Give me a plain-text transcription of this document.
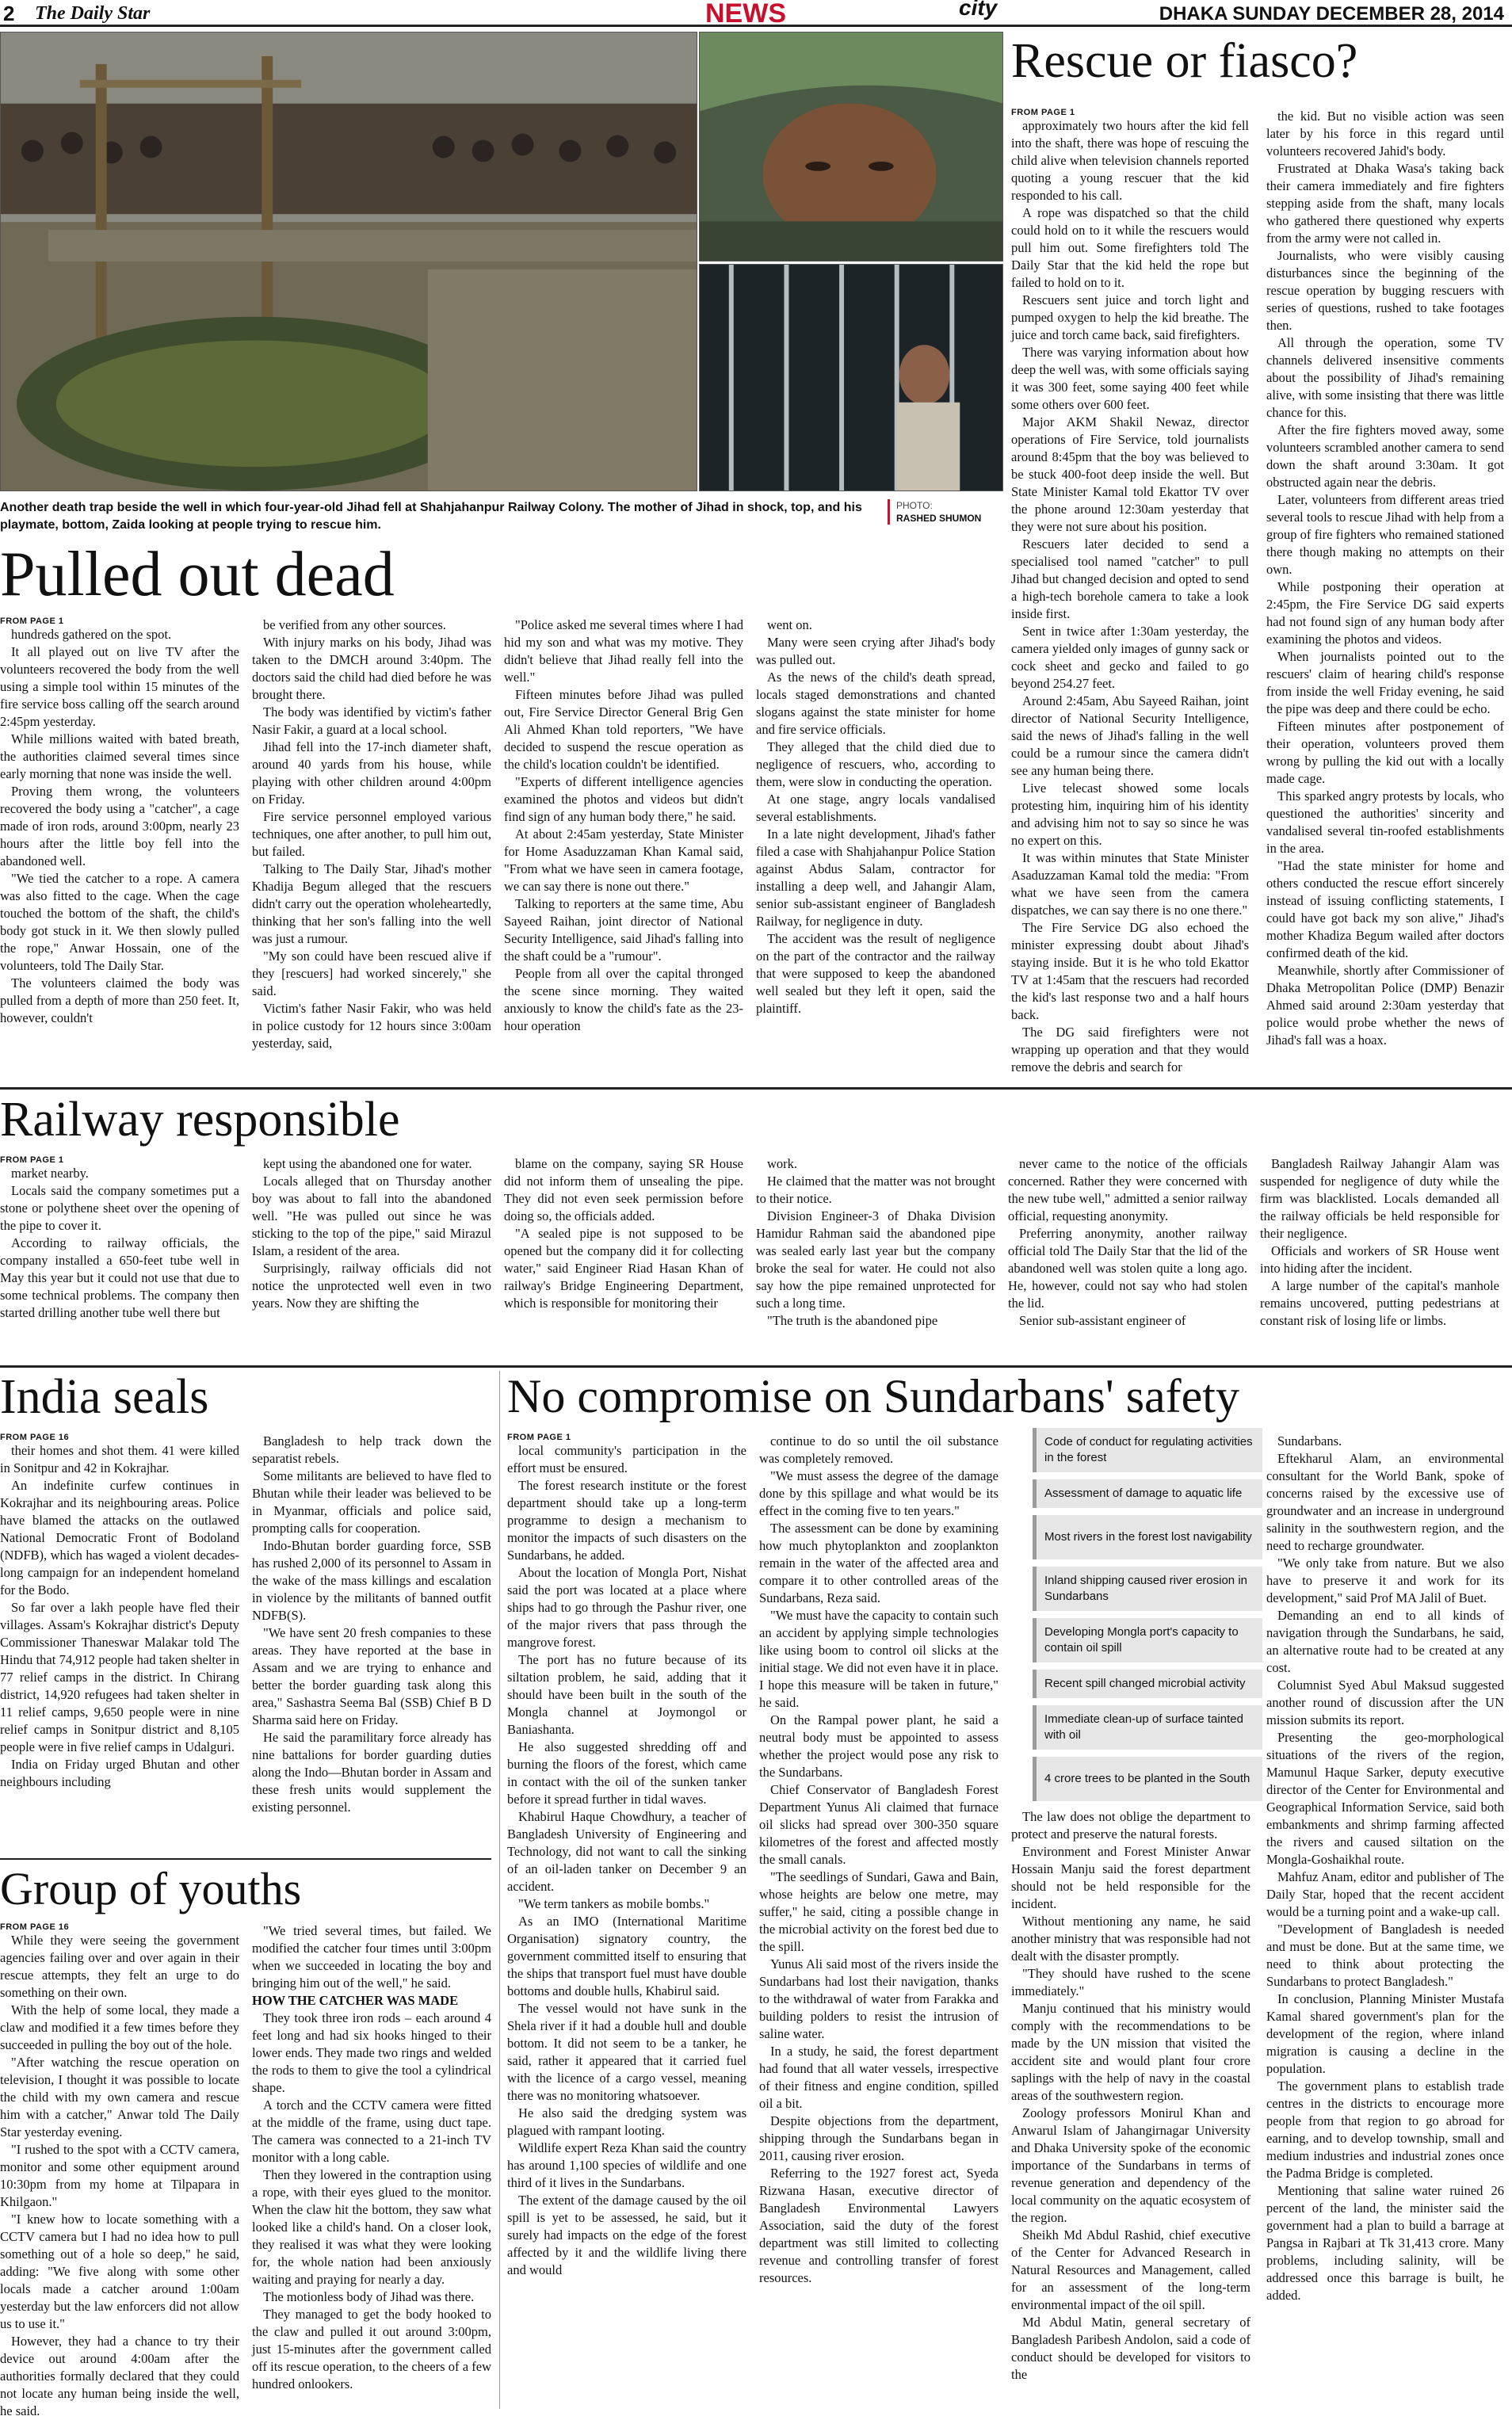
2 The Daily Star	NEWS	city	DHAKA SUNDAY DECEMBER 28, 2014
Another death trap beside the well in which four-year-old Jihad fell at Shahjahanpur Railway Colony. The mother of Jihad in shock, top, and his playmate, bottom, Zaida looking at people trying to rescue him.
PHOTO:
RASHED SHUMON
Rescue or fiasco?
FROM PAGE 1

approximately two hours after the kid fell into the shaft, there was hope of rescuing the child alive when television channels reported quoting a young rescuer that the kid responded to his call.

A rope was dispatched so that the child could hold on to it while the rescuers would pull him out. Some firefighters told The Daily Star that the kid held the rope but failed to hold on to it.

Rescuers sent juice and torch light and pumped oxygen to help the kid breathe. The juice and torch came back, said firefighters.

There was varying information about how deep the well was, with some officials saying it was 300 feet, some saying 400 feet while some others over 600 feet.

Major AKM Shakil Newaz, director operations of Fire Service, told journalists around 8:45pm that the boy was believed to be stuck 400-foot deep inside the well. But State Minister Kamal told Ekattor TV over the phone around 12:30am yesterday that they were not sure about his position.

Rescuers later decided to send a specialised tool named "catcher" to pull Jihad but changed decision and opted to send a high-tech borehole camera to take a look inside first.

Sent in twice after 1:30am yesterday, the camera yielded only images of gunny sack or cock sheet and gecko and failed to go beyond 254.27 feet.

Around 2:45am, Abu Sayeed Raihan, joint director of National Security Intelligence, said the news of Jihad's falling in the well could be a rumour since the camera didn't see any human being there.

Live telecast showed some locals protesting him, inquiring him of his identity and advising him not to say so since he was no expert on this.

It was within minutes that State Minister Asaduzzaman Kamal told the media: "From what we have seen from the camera dispatches, we can say there is no one there."

The Fire Service DG also echoed the minister expressing doubt about Jihad's staying inside. But it is he who told Ekattor TV at 1:45am that the rescuers had recorded the kid's last response two and a half hours back.

The DG said firefighters were not wrapping up operation and that they would remove the debris and search for

the kid. But no visible action was seen later by his force in this regard until volunteers recovered Jahid's body.

Frustrated at Dhaka Wasa's taking back their camera immediately and fire fighters stepping aside from the shaft, many locals who gathered there questioned why experts from the army were not called in.

Journalists, who were visibly causing disturbances since the beginning of the rescue operation by bugging rescuers with series of questions, rushed to take footages then.

All through the operation, some TV channels delivered insensitive comments about the possibility of Jihad's remaining alive, with some insisting that there was little chance for this.

After the fire fighters moved away, some volunteers scrambled another camera to send down the shaft around 3:30am. It got obstructed again near the debris.

Later, volunteers from different areas tried several tools to rescue Jihad with help from a group of fire fighters who remained stationed there though making no attempts on their own.

While postponing their operation at 2:45pm, the Fire Service DG said experts had not found sign of any human body after examining the photos and videos.

When journalists pointed out to the rescuers' claim of hearing child's response from inside the well Friday evening, he said the pipe was deep and there could be echo.

Fifteen minutes after postponement of their operation, volunteers proved them wrong by pulling the kid out with a locally made cage.

This sparked angry protests by locals, who questioned the authorities' sincerity and vandalised several tin-roofed establishments in the area.

"Had the state minister for home and others conducted the rescue effort sincerely instead of issuing conflicting statements, I could have got back my son alive," Jihad's mother Khadiza Begum wailed after doctors confirmed death of the kid.

Meanwhile, shortly after Commissioner of Dhaka Metropolitan Police (DMP) Benazir Ahmed said around 2:30am yesterday that police would probe whether the news of Jihad's fall was a hoax.

Pulled out dead
FROM PAGE 1

hundreds gathered on the spot.

It all played out on live TV after the volunteers recovered the body from the well using a simple tool within 15 minutes of the fire service boss calling off the search around 2:45pm yesterday.

While millions waited with bated breath, the authorities claimed several times since early morning that none was inside the well.

Proving them wrong, the volunteers recovered the body using a "catcher", a cage made of iron rods, around 3:00pm, nearly 23 hours after the little boy fell into the abandoned well.

"We tied the catcher to a rope. A camera was also fitted to the cage. When the cage touched the bottom of the shaft, the child's body got stuck in it. We then slowly pulled the rope," Anwar Hossain, one of the volunteers, told The Daily Star.

The volunteers claimed the body was pulled from a depth of more than 250 feet. It, however, couldn't

be verified from any other sources.

With injury marks on his body, Jihad was taken to the DMCH around 3:40pm. The doctors said the child had died before he was brought there.

The body was identified by victim's father Nasir Fakir, a guard at a local school.

Jihad fell into the 17-inch diameter shaft, around 40 yards from his house, while playing with other children around 4:00pm on Friday.

Fire service personnel employed various techniques, one after another, to pull him out, but failed.

Talking to The Daily Star, Jihad's mother Khadija Begum alleged that the rescuers didn't carry out the operation wholeheartedly, thinking that her son's falling into the well was just a rumour.

"My son could have been rescued alive if they [rescuers] had worked sincerely," she said.

Victim's father Nasir Fakir, who was held in police custody for 12 hours since 3:00am yesterday, said,

"Police asked me several times where I had hid my son and what was my motive. They didn't believe that Jihad really fell into the well."

Fifteen minutes before Jihad was pulled out, Fire Service Director General Brig Gen Ali Ahmed Khan told reporters, "We have decided to suspend the rescue operation as the child's location couldn't be identified.

"Experts of different intelligence agencies examined the photos and videos but didn't find sign of any human body there," he said.

At about 2:45am yesterday, State Minister for Home Asaduzzaman Khan Kamal said, "From what we have seen in camera footage, we can say there is none out there."

Talking to reporters at the same time, Abu Sayeed Raihan, joint director of National Security Intelligence, said Jihad's falling into the shaft could be a "rumour".

People from all over the capital thronged the scene since morning. They waited anxiously to know the child's fate as the 23-hour operation

went on.

Many were seen crying after Jihad's body was pulled out.

As the news of the child's death spread, locals staged demonstrations and chanted slogans against the state minister for home and fire service officials.

They alleged that the child died due to negligence of rescuers, who, according to them, were slow in conducting the operation.

At one stage, angry locals vandalised several establishments.

In a late night development, Jihad's father filed a case with Shahjahanpur Police Station against Abdus Salam, contractor for installing a deep well, and Jahangir Alam, senior sub-assistant engineer of Bangladesh Railway, for negligence in duty.

The accident was the result of negligence on the part of the contractor and the railway that were supposed to keep the abandoned well sealed but they left it open, said the plaintiff.

Railway responsible
FROM PAGE 1

market nearby.

Locals said the company sometimes put a stone or polythene sheet over the opening of the pipe to cover it.

According to railway officials, the company installed a 650-feet tube well in May this year but it could not use that due to some technical problems. The company then started drilling another tube well there but

kept using the abandoned one for water.

Locals alleged that on Thursday another boy was about to fall into the abandoned well. "He was pulled out since he was sticking to the top of the pipe," said Mirazul Islam, a resident of the area.

Surprisingly, railway officials did not notice the unprotected well even in two years. Now they are shifting the

blame on the company, saying SR House did not inform them of unsealing the pipe. They did not even seek permission before doing so, the officials added.

"A sealed pipe is not supposed to be opened but the company did it for collecting water," said Engineer Riad Hasan Khan of railway's Bridge Engineering Department, which is responsible for monitoring their

work.

He claimed that the matter was not brought to their notice.

Division Engineer-3 of Dhaka Division Hamidur Rahman said the abandoned pipe was sealed early last year but the company broke the seal for water. He could not also say how the pipe remained unprotected for such a long time.

"The truth is the abandoned pipe

never came to the notice of the officials concerned. Rather they were concerned with the new tube well," admitted a senior railway official, requesting anonymity.

Preferring anonymity, another railway official told The Daily Star that the lid of the abandoned well was stolen quite a long ago. He, however, could not say who had stolen the lid.

Senior sub-assistant engineer of

Bangladesh Railway Jahangir Alam was suspended for negligence of duty while the firm was blacklisted. Locals demanded all the railway officials be held responsible for their negligence.

Officials and workers of SR House went into hiding after the incident.

A large number of the capital's manhole remains uncovered, putting pedestrians at constant risk of losing life or limbs.

India seals
FROM PAGE 16

their homes and shot them. 41 were killed in Sonitpur and 42 in Kokrajhar.

An indefinite curfew continues in Kokrajhar and its neighbouring areas. Police have blamed the attacks on the outlawed National Democratic Front of Bodoland (NDFB), which has waged a violent decades-long campaign for an independent homeland for the Bodo.

So far over a lakh people have fled their villages. Assam's Kokrajhar district's Deputy Commissioner Thaneswar Malakar told The Hindu that 74,912 people had taken shelter in 77 relief camps in the district. In Chirang district, 14,920 refugees had taken shelter in 11 relief camps, 9,650 people were in nine relief camps in Sonitpur district and 8,105 people were in five relief camps in Udalguri.

India on Friday urged Bhutan and other neighbours including

Bangladesh to help track down the separatist rebels.

Some militants are believed to have fled to Bhutan while their leader was believed to be in Myanmar, officials and police said, prompting calls for cooperation.

Indo-Bhutan border guarding force, SSB has rushed 2,000 of its personnel to Assam in the wake of the mass killings and escalation in violence by the militants of banned outfit NDFB(S).

"We have sent 20 fresh companies to these areas. They have reported at the base in Assam and we are trying to enhance and better the border guarding task along this area," Sashastra Seema Bal (SSB) Chief B D Sharma said here on Friday.

He said the paramilitary force already has nine battalions for border guarding duties along the Indo—Bhutan border in Assam and these fresh units would supplement the existing personnel.

Group of youths
FROM PAGE 16

While they were seeing the government agencies failing over and over again in their rescue attempts, they felt an urge to do something on their own.

With the help of some local, they made a claw and modified it a few times before they succeeded in pulling the boy out of the hole.

"After watching the rescue operation on television, I thought it was possible to locate the child with my own camera and rescue him with a catcher," Anwar told The Daily Star yesterday evening.

"I rushed to the spot with a CCTV camera, monitor and some other equipment around 10:30pm from my home at Tilpapara in Khilgaon."

"I knew how to locate something with a CCTV camera but I had no idea how to pull something out of a hole so deep," he said, adding: "We five along with some other locals made a catcher around 1:00am yesterday but the law enforcers did not allow us to use it."

However, they had a chance to try their device out around 4:00am after the authorities formally declared that they could not locate any human being inside the well, he said.

"We tried several times, but failed. We modified the catcher four times until 3:00pm when we succeeded in locating the boy and bringing him out of the well," he said.

HOW THE CATCHER WAS MADE

They took three iron rods – each around 4 feet long and had six hooks hinged to their lower ends. They made two rings and welded the rods to them to give the tool a cylindrical shape.

A torch and the CCTV camera were fitted at the middle of the frame, using duct tape. The camera was connected to a 21-inch TV monitor with a long cable.

Then they lowered in the contraption using a rope, with their eyes glued to the monitor. When the claw hit the bottom, they saw what looked like a child's hand. On a closer look, they realised it was what they were looking for, the whole nation had been anxiously waiting and praying for nearly a day.

The motionless body of Jihad was there.

They managed to get the body hooked to the claw and pulled it out around 3:00pm, just 15-minutes after the government called off its rescue operation, to the cheers of a few hundred onlookers.

No compromise on Sundarbans' safety
FROM PAGE 1

local community's participation in the effort must be ensured.

The forest research institute or the forest department should take up a long-term programme to design a mechanism to monitor the impacts of such disasters on the Sundarbans, he added.

About the location of Mongla Port, Nishat said the port was located at a place where ships had to go through the Pashur river, one of the major rivers that pass through the mangrove forest.

The port has no future because of its siltation problem, he said, adding that it should have been built in the south of the Mongla channel at Joymongol or Baniashanta.

He also suggested shredding off and burning the floors of the forest, which came in contact with the oil of the sunken tanker before it spread further in tidal waves.

Khabirul Haque Chowdhury, a teacher of Bangladesh University of Engineering and Technology, did not want to call the sinking of an oil-laden tanker on December 9 an accident.

"We term tankers as mobile bombs."

As an IMO (International Maritime Organisation) signatory country, the government committed itself to ensuring that the ships that transport fuel must have double bottoms and double hulls, Khabirul said.

The vessel would not have sunk in the Shela river if it had a double hull and double bottom. It did not seem to be a tanker, he said, rather it appeared that it carried fuel with the licence of a cargo vessel, meaning there was no monitoring whatsoever.

He also said the dredging system was plagued with rampant looting.

Wildlife expert Reza Khan said the country has around 1,100 species of wildlife and one third of it lives in the Sundarbans.

The extent of the damage caused by the oil spill is yet to be assessed, he said, but it surely had impacts on the edge of the forest affected by it and the wildlife living there and would

continue to do so until the oil substance was completely removed.

"We must assess the degree of the damage done by this spillage and what would be its effect in the coming five to ten years."

The assessment can be done by examining how much phytoplankton and zooplankton remain in the water of the affected area and compare it to other controlled areas of the Sundarbans, Reza said.

"We must have the capacity to contain such an accident by applying simple technologies like using boom to control oil slicks at the initial stage. We did not even have it in place. I hope this measure will be taken in future," he said.

On the Rampal power plant, he said a neutral body must be appointed to assess whether the project would pose any risk to the Sundarbans.

Chief Conservator of Bangladesh Forest Department Yunus Ali claimed that furnace oil slicks had spread over 300-350 square kilometres of the forest and affected mostly the small canals.

"The seedlings of Sundari, Gawa and Bain, whose heights are below one metre, may suffer," he said, citing a possible change in the microbial activity on the forest bed due to the spill.

Yunus Ali said most of the rivers inside the Sundarbans had lost their navigation, thanks to the withdrawal of water from Farakka and building polders to resist the intrusion of saline water.

In a study, he said, the forest department had found that all water vessels, irrespective of their fitness and engine condition, spilled oil a bit.

Despite objections from the department, shipping through the Sundarbans began in 2011, causing river erosion.

Referring to the 1927 forest act, Syeda Rizwana Hasan, executive director of Bangladesh Environmental Lawyers Association, said the duty of the forest department was still limited to collecting revenue and controlling transfer of forest resources.

The law does not oblige the department to protect and preserve the natural forests.

Environment and Forest Minister Anwar Hossain Manju said the forest department should not be held responsible for the incident.

Without mentioning any name, he said another ministry that was responsible had not dealt with the disaster promptly.

"They should have rushed to the scene immediately."

Manju continued that his ministry would comply with the recommendations to be made by the UN mission that visited the accident site and would plant four crore saplings with the help of navy in the coastal areas of the southwestern region.

Zoology professors Monirul Khan and Anwarul Islam of Jahangirnagar University and Dhaka University spoke of the economic importance of the Sundarbans in terms of revenue generation and dependency of the local community on the aquatic ecosystem of the region.

Sheikh Md Abdul Rashid, chief executive of the Center for Advanced Research in Natural Resources and Management, called for an assessment of the long-term environmental impact of the oil spill.

Md Abdul Matin, general secretary of Bangladesh Paribesh Andolon, said a code of conduct should be developed for visitors to the

Sundarbans.

Eftekharul Alam, an environmental consultant for the World Bank, spoke of concerns raised by the excessive use of groundwater and an increase in underground salinity in the southwestern region, and the need to recharge groundwater.

"We only take from nature. But we also have to preserve it and work for its development," said Prof MA Jalil of Buet.

Demanding an end to all kinds of navigation through the Sundarbans, he said, an alternative route had to be created at any cost.

Columnist Syed Abul Maksud suggested another round of discussion after the UN mission submits its report.

Presenting the geo-morphological situations of the rivers of the region, Mamunul Haque Sarker, deputy executive director of the Center for Environmental and Geographical Information Service, said both embankments and shrimp farming affected the rivers and caused siltation on the Mongla-Goshaikhal route.

Mahfuz Anam, editor and publisher of The Daily Star, hoped that the recent accident would be a turning point and a wake-up call.

"Development of Bangladesh is needed and must be done. But at the same time, we need to think about protecting the Sundarbans to protect Bangladesh."

In conclusion, Planning Minister Mustafa Kamal shared government's plan for the development of the region, where inland migration is causing a decline in the population.

The government plans to establish trade centres in the districts to encourage more people from that region to go abroad for earning, and to develop township, small and medium industries and industrial zones once the Padma Bridge is completed.

Mentioning that saline water ruined 26 percent of the land, the minister said the government had a plan to build a barrage at Pangsa in Rajbari at Tk 31,413 crore. Many problems, including salinity, will be addressed once this barrage is built, he added.

Code of conduct for regulating activities in the forest
Assessment of damage to aquatic life
Most rivers in the forest lost navigability
Inland shipping caused river erosion in Sundarbans
Developing Mongla port's capacity to contain oil spill
Recent spill changed microbial activity
Immediate clean-up of surface tainted with oil
4 crore trees to be planted in the South
